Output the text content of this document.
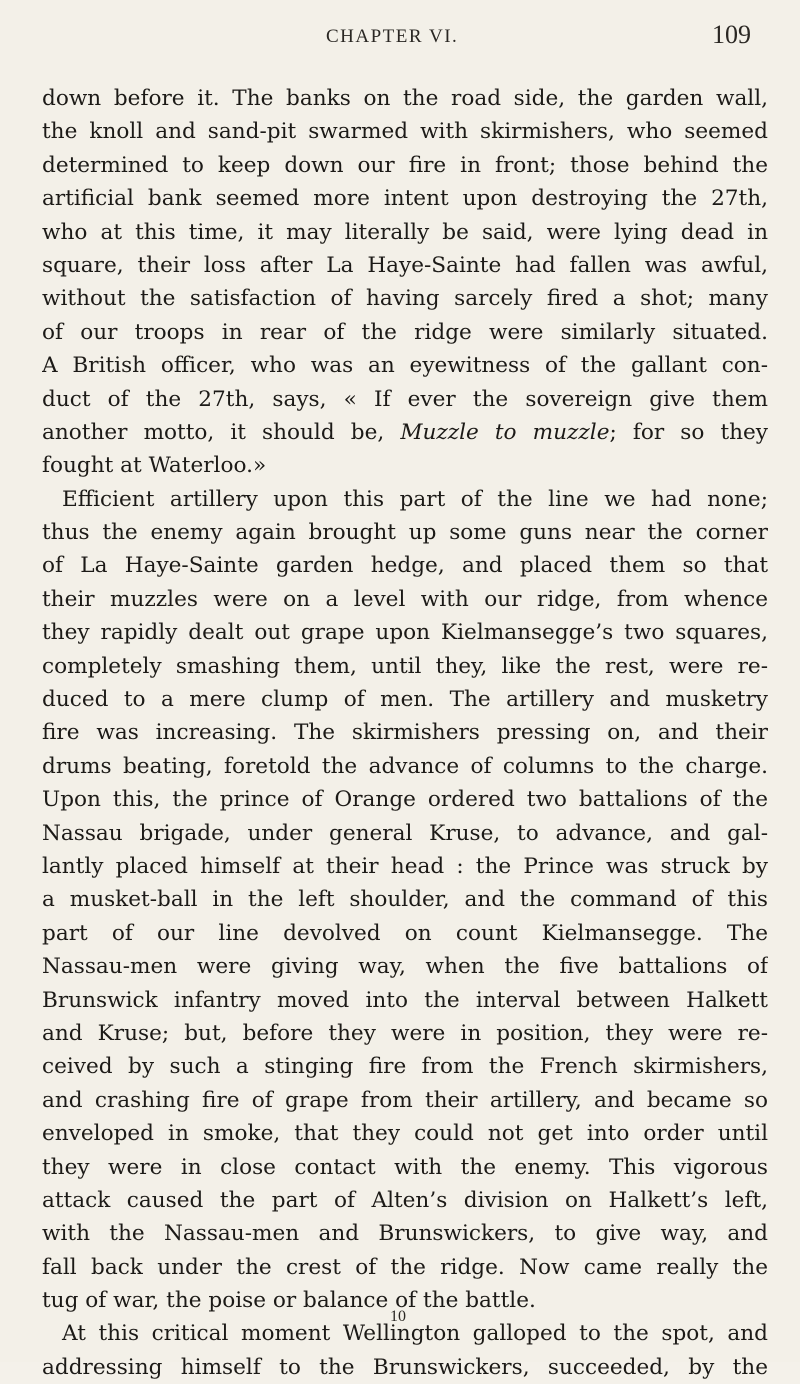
CHAPTER VI.	109
down before it. The banks on the road side, the garden wall,
the knoll and sand-pit swarmed with skirmishers, who seemed
determined to keep down our fire in front; those behind the
artificial bank seemed more intent upon destroying the 27th,
who at this time, it may literally be said, were lying dead in
square, their loss after La Haye-Sainte had fallen was awful,
without the satisfaction of having sarcely fired a shot; many
of our troops in rear of the ridge were similarly situated.
A British officer, who was an eyewitness of the gallant con-
duct of the 27th, says, « If ever the sovereign give them
another motto, it should be, Muzzle to muzzle; for so they
fought at Waterloo.»
Efficient artillery upon this part of the line we had none;
thus the enemy again brought up some guns near the corner
of La Haye-Sainte garden hedge, and placed them so that
their muzzles were on a level with our ridge, from whence
they rapidly dealt out grape upon Kielmansegge’s two squares,
completely smashing them, until they, like the rest, were re-
duced to a mere clump of men. The artillery and musketry
fire was increasing. The skirmishers pressing on, and their
drums beating, foretold the advance of columns to the charge.
Upon this, the prince of Orange ordered two battalions of the
Nassau brigade, under general Kruse, to advance, and gal-
lantly placed himself at their head : the Prince was struck by
a musket-ball in the left shoulder, and the command of this
part of our line devolved on count Kielmansegge. The
Nassau-men were giving way, when the five battalions of
Brunswick infantry moved into the interval between Halkett
and Kruse; but, before they were in position, they were re-
ceived by such a stinging fire from the French skirmishers,
and crashing fire of grape from their artillery, and became so
enveloped in smoke, that they could not get into order until
they were in close contact with the enemy. This vigorous
attack caused the part of Alten’s division on Halkett’s left,
with the Nassau-men and Brunswickers, to give way, and
fall back under the crest of the ridge. Now came really the
tug of war, the poise or balance of the battle.
At this critical moment Wellington galloped to the spot, and
addressing himself to the Brunswickers, succeeded, by the
10
